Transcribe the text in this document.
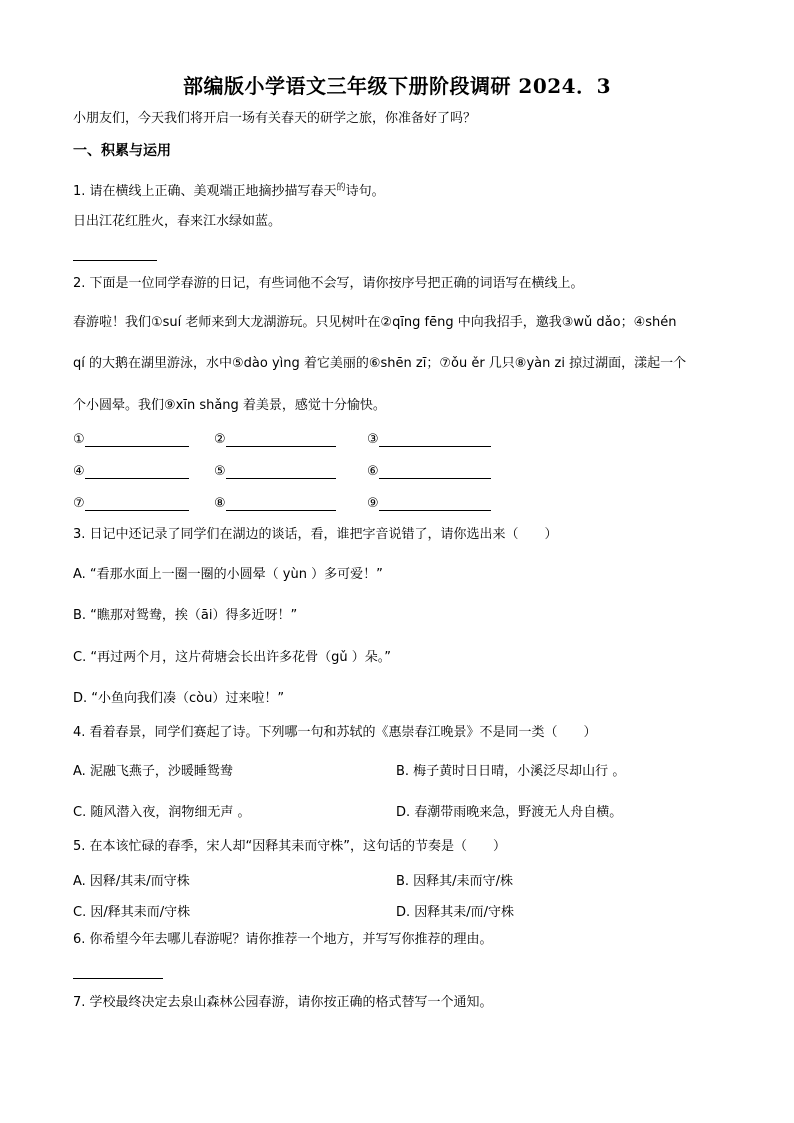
部编版小学语文三年级下册阶段调研 2024．3
小朋友们，今天我们将开启一场有关春天的研学之旅，你准备好了吗？
一、积累与运用
1. 请在横线上正确、美观端正地摘抄描写春天$^的$诗句。
日出江花红胜火，春来江水绿如蓝。
2. 下面是一位同学春游的日记，有些词他不会写，请你按序号把正确的词语写在横线上。
春游啦！我们①suí 老师来到大龙湖游玩。只见树叶在②qīng fēng 中向我招手，邀我③wǔ dǎo；④shén
qí 的大鹅在湖里游泳，水中⑤dào yìng 着它美丽的⑥shēn zī；⑦ǒu ěr 几只⑧yàn zi 掠过湖面，漾起一个
个小圆晕。我们⑨xīn shǎng 着美景，感觉十分愉快。
①	②	③
④	⑤	⑥
⑦	⑧	⑨
3. 日记中还记录了同学们在湖边的谈话，看，谁把字音说错了，请你选出来（　　）
A. “看那水面上一圈一圈的小圆晕（ yùn ）多可爱！”
B. “瞧那对鸳鸯，挨（āi）得多近呀！”
C. “再过两个月，这片荷塘会长出许多花骨（gǔ ）朵。”
D. “小鱼向我们凑（còu）过来啦！”
4. 看着春景，同学们赛起了诗。下列哪一句和苏轼的《惠崇春江晚景》不是同一类（　　）
A. 泥融飞燕子，沙暖睡鸳鸯	B. 梅子黄时日日晴，小溪泛尽却山行 。
C. 随风潜入夜，润物细无声 。	D. 春潮带雨晚来急，野渡无人舟自横。
5. 在本该忙碌的春季，宋人却“因释其耒而守株”，这句话的节奏是（　　）
A. 因释/其耒/而守株	B. 因释其/耒而守/株
C. 因/释其耒而/守株	D. 因释其耒/而/守株
6. 你希望今年去哪儿春游呢？请你推荐一个地方，并写写你推荐的理由。
7. 学校最终决定去泉山森林公园春游，请你按正确的格式替写一个通知。
